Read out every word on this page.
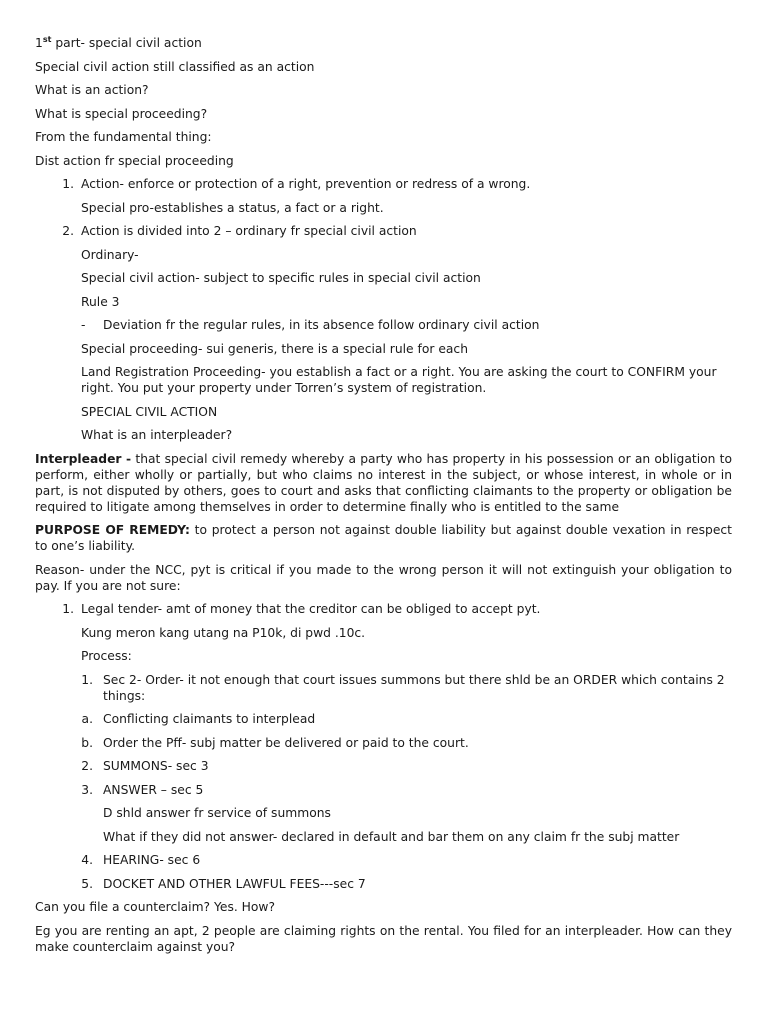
1st part- special civil action
Special civil action still classified as an action
What is an action?
What is special proceeding?
From the fundamental thing:
Dist action fr special proceeding
1. Action- enforce or protection of a right, prevention or redress of a wrong.
Special pro-establishes a status, a fact or a right.
2. Action is divided into 2 – ordinary fr special civil action
Ordinary-
Special civil action- subject to specific rules in special civil action
Rule 3
-	Deviation fr the regular rules, in its absence follow ordinary civil action
Special proceeding- sui generis, there is a special rule for each
Land Registration Proceeding- you establish a fact or a right. You are asking the court to CONFIRM your right. You put your property under Torren’s system of registration.
SPECIAL CIVIL ACTION
What is an interpleader?
Interpleader - that special civil remedy whereby a party who has property in his possession or an obligation to perform, either wholly or partially, but who claims no interest in the subject, or whose interest, in whole or in part, is not disputed by others, goes to court and asks that conflicting claimants to the property or obligation be required to litigate among themselves in order to determine finally who is entitled to the same
PURPOSE OF REMEDY: to protect a person not against double liability but against double vexation in respect to one’s liability.
Reason- under the NCC, pyt is critical if you made to the wrong person it will not extinguish your obligation to pay. If you are not sure:
1. Legal tender- amt of money that the creditor can be obliged to accept pyt.
Kung meron kang utang na P10k, di pwd .10c.
Process:
1. Sec 2- Order- it not enough that court issues summons but there shld be an ORDER which contains 2 things:
a. Conflicting claimants to interplead
b. Order the Pff- subj matter be delivered or paid to the court.
2. SUMMONS- sec 3
3. ANSWER – sec 5
D shld answer fr service of summons
What if they did not answer- declared in default and bar them on any claim fr the subj matter
4. HEARING- sec 6
5. DOCKET AND OTHER LAWFUL FEES---sec 7
Can you file a counterclaim? Yes. How?
Eg you are renting an apt, 2 people are claiming rights on the rental. You filed for an interpleader. How can they make counterclaim against you?
